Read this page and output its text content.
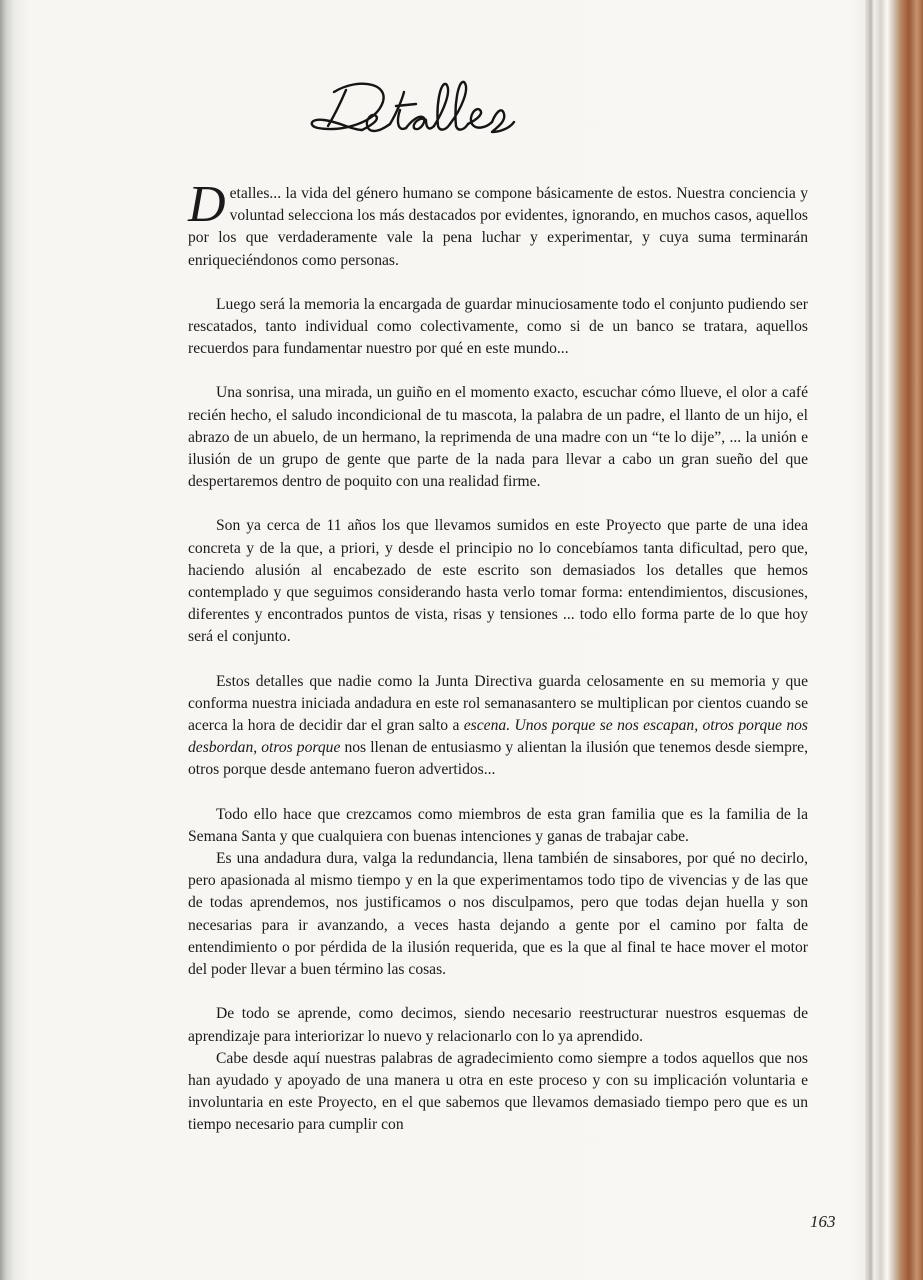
Detalles... la vida del género humano se compone básicamente de estos. Nuestra conciencia y voluntad selecciona los más destacados por evidentes, ignorando, en muchos casos, aquellos por los que verdaderamente vale la pena luchar y experimentar, y cuya suma terminarán enriqueciéndonos como personas.

Luego será la memoria la encargada de guardar minuciosamente todo el conjunto pudiendo ser rescatados, tanto individual como colectivamente, como si de un banco se tratara, aquellos recuerdos para fundamentar nuestro por qué en este mundo...

Una sonrisa, una mirada, un guiño en el momento exacto, escuchar cómo llueve, el olor a café recién hecho, el saludo incondicional de tu mascota, la palabra de un padre, el llanto de un hijo, el abrazo de un abuelo, de un hermano, la reprimenda de una madre con un “te lo dije”, ... la unión e ilusión de un grupo de gente que parte de la nada para llevar a cabo un gran sueño del que despertaremos dentro de poquito con una realidad firme.

Son ya cerca de 11 años los que llevamos sumidos en este Proyecto que parte de una idea concreta y de la que, a priori, y desde el principio no lo concebíamos tanta dificultad, pero que, haciendo alusión al encabezado de este escrito son demasiados los detalles que hemos contemplado y que seguimos considerando hasta verlo tomar forma: entendimientos, discusiones, diferentes y encontrados puntos de vista, risas y tensiones ... todo ello forma parte de lo que hoy será el conjunto.

Estos detalles que nadie como la Junta Directiva guarda celosamente en su memoria y que conforma nuestra iniciada andadura en este rol semanasantero se multiplican por cientos cuando se acerca la hora de decidir dar el gran salto a escena. Unos porque se nos escapan, otros porque nos desbordan, otros porque nos llenan de entusiasmo y alientan la ilusión que tenemos desde siempre, otros porque desde antemano fueron advertidos...

Todo ello hace que crezcamos como miembros de esta gran familia que es la familia de la Semana Santa y que cualquiera con buenas intenciones y ganas de trabajar cabe.

Es una andadura dura, valga la redundancia, llena también de sinsabores, por qué no decirlo, pero apasionada al mismo tiempo y en la que experimentamos todo tipo de vivencias y de las que de todas aprendemos, nos justificamos o nos disculpamos, pero que todas dejan huella y son necesarias para ir avanzando, a veces hasta dejando a gente por el camino por falta de entendimiento o por pérdida de la ilusión requerida, que es la que al final te hace mover el motor del poder llevar a buen término las cosas.

De todo se aprende, como decimos, siendo necesario reestructurar nuestros esquemas de aprendizaje para interiorizar lo nuevo y relacionarlo con lo ya aprendido.

Cabe desde aquí nuestras palabras de agradecimiento como siempre a todos aquellos que nos han ayudado y apoyado de una manera u otra en este proceso y con su implicación voluntaria e involuntaria en este Proyecto, en el que sabemos que llevamos demasiado tiempo pero que es un tiempo necesario para cumplir con

163
